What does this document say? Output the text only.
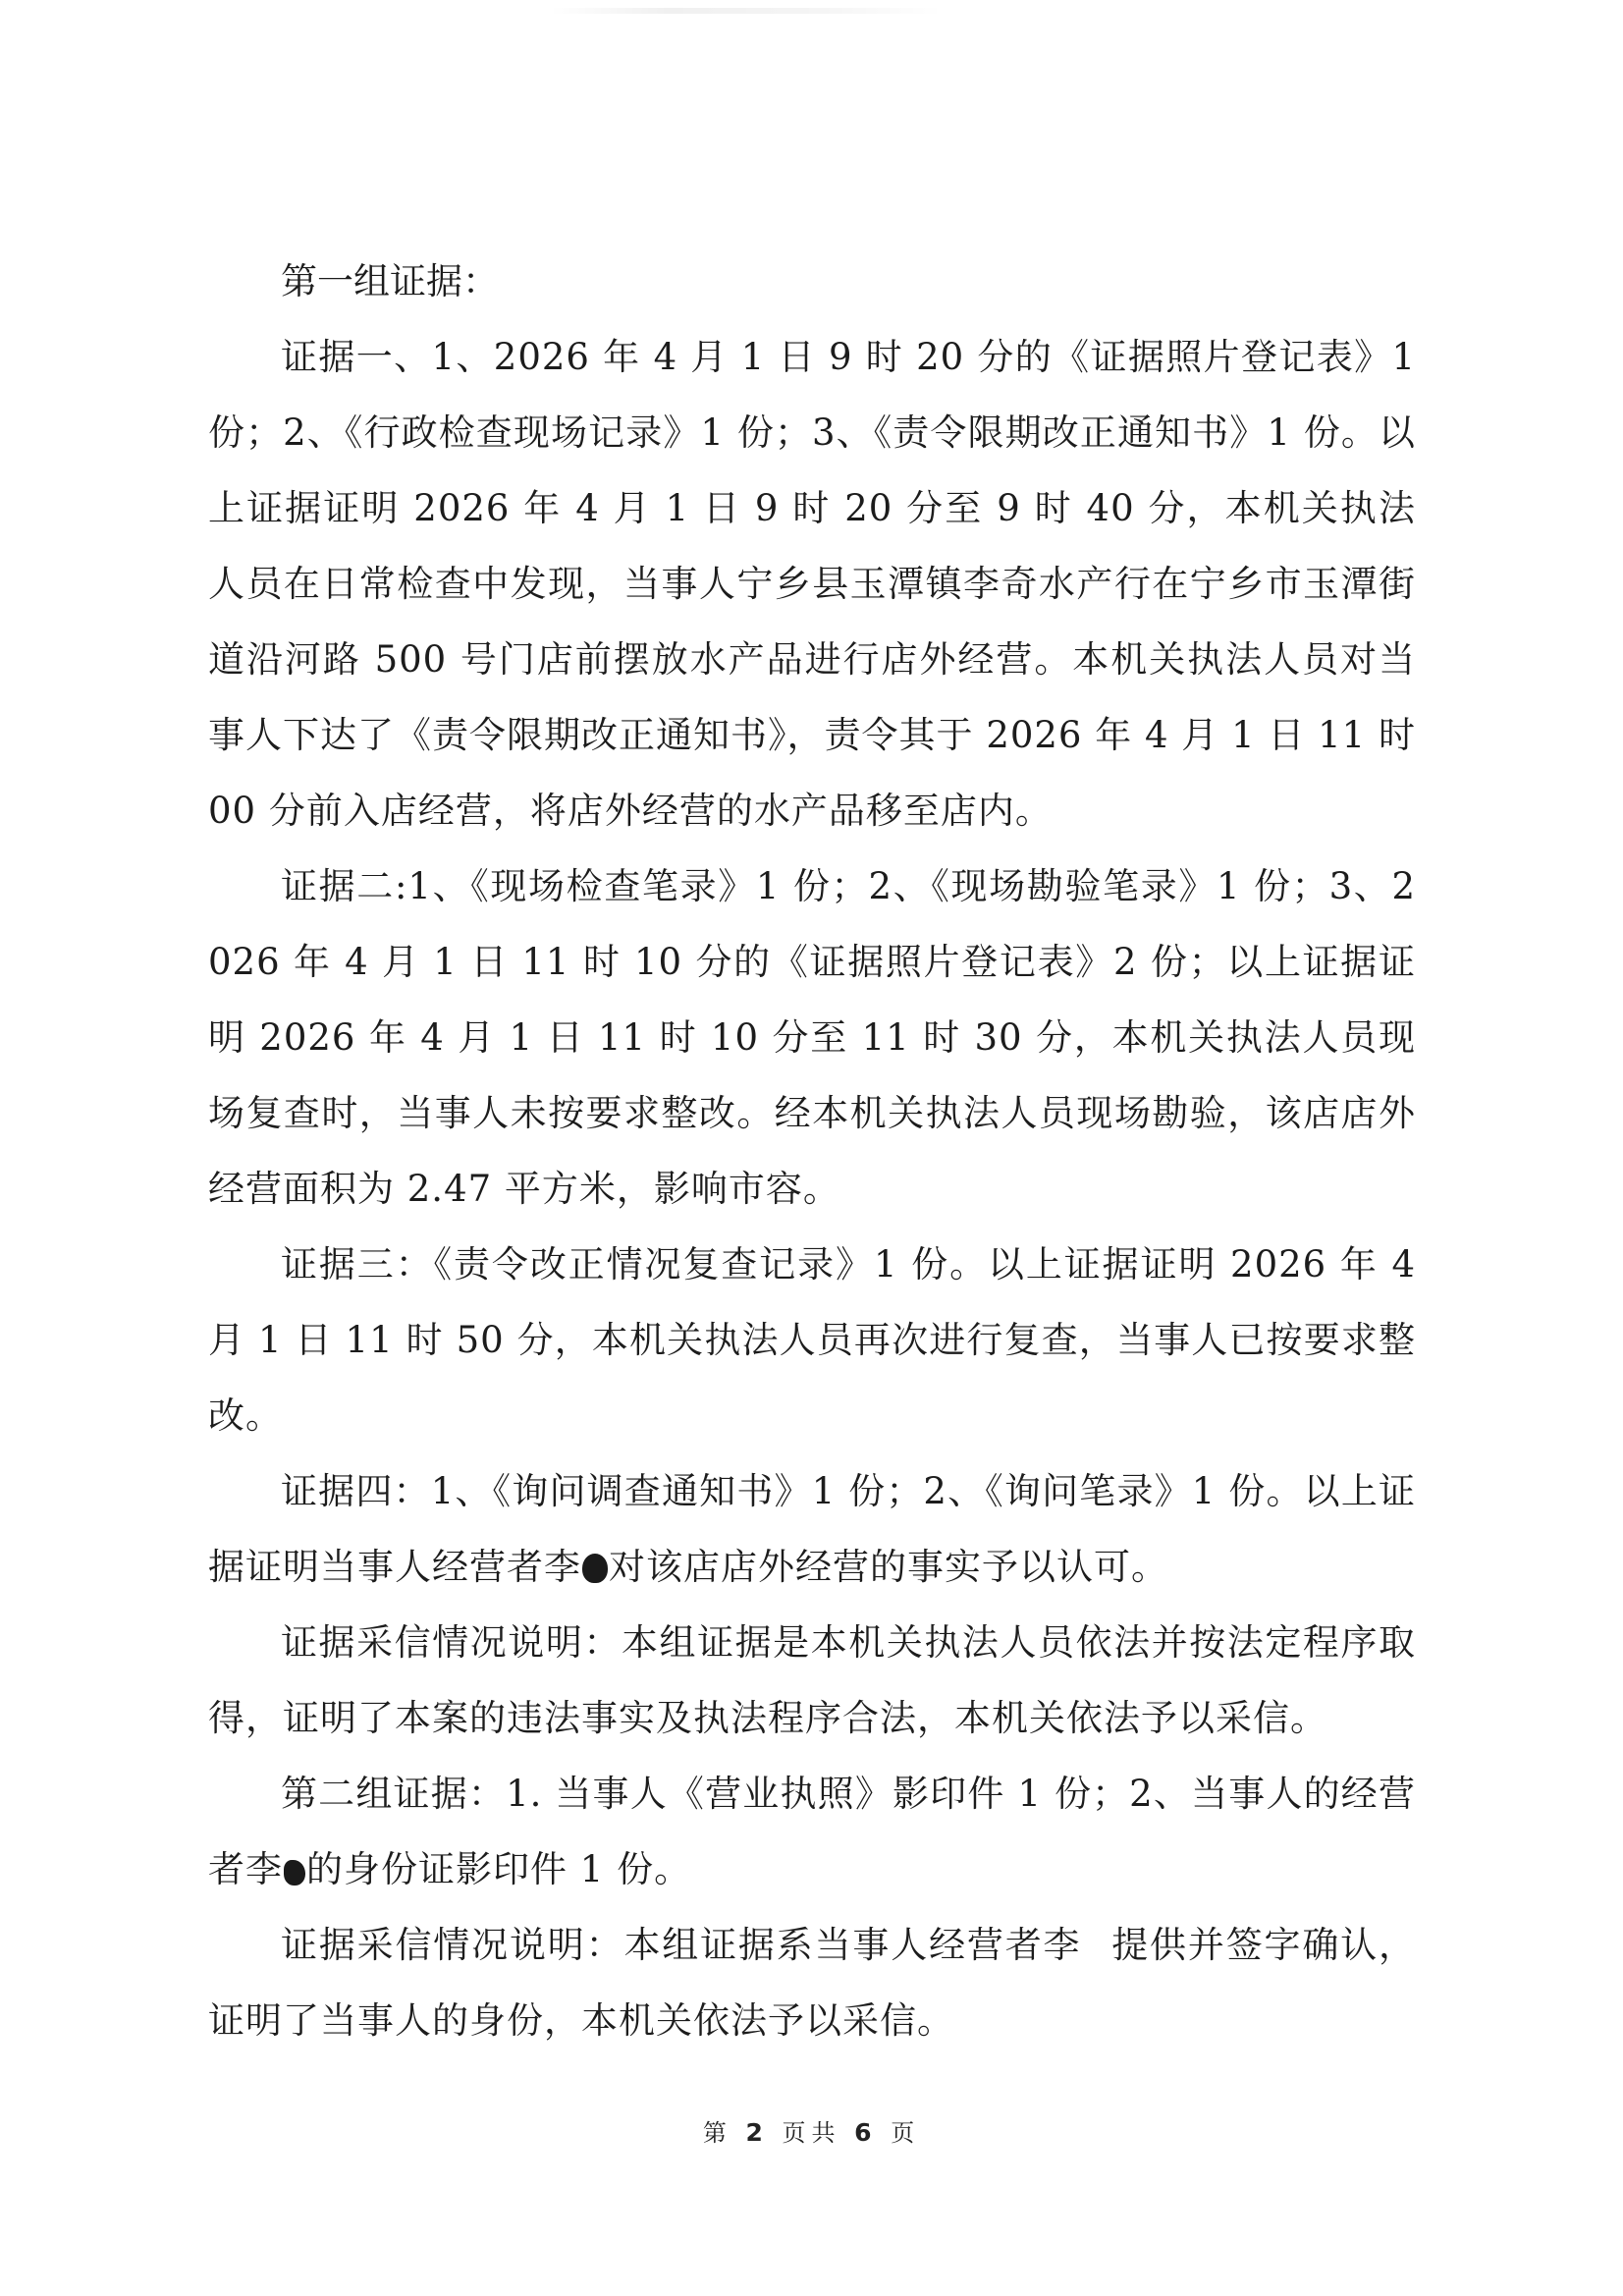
第一组证据：

证据一、1、2026 年 4 月 1 日 9 时 20 分的《证据照片登记表》1 份；2、《行政检查现场记录》1 份；3、《责令限期改正通知书》1 份。以上证据证明 2026 年 4 月 1 日 9 时 20 分至 9 时 40 分，本机关执法人员在日常检查中发现，当事人宁乡县玉潭镇李奇水产行在宁乡市玉潭街道沿河路 500 号门店前摆放水产品进行店外经营。本机关执法人员对当事人下达了《责令限期改正通知书》，责令其于 2026 年 4 月 1 日 11 时 00 分前入店经营，将店外经营的水产品移至店内。

证据二:1、《现场检查笔录》1 份；2、《现场勘验笔录》1 份；3、2026 年 4 月 1 日 11 时 10 分的《证据照片登记表》2 份；以上证据证明 2026 年 4 月 1 日 11 时 10 分至 11 时 30 分，本机关执法人员现场复查时，当事人未按要求整改。经本机关执法人员现场勘验，该店店外经营面积为 2.47 平方米，影响市容。

证据三：《责令改正情况复查记录》1 份。以上证据证明 2026 年 4 月 1 日 11 时 50 分，本机关执法人员再次进行复查，当事人已按要求整改。

证据四：1、《询问调查通知书》1 份；2、《询问笔录》1 份。以上证据证明当事人经营者李 对该店店外经营的事实予以认可。

证据采信情况说明：本组证据是本机关执法人员依法并按法定程序取得，证明了本案的违法事实及执法程序合法，本机关依法予以采信。

第二组证据：1. 当事人《营业执照》影印件 1 份；2、当事人的经营者李 的身份证影印件 1 份。

证据采信情况说明：本组证据系当事人经营者李 提供并签字确认，证明了当事人的身份，本机关依法予以采信。

第 2 页共 6 页
